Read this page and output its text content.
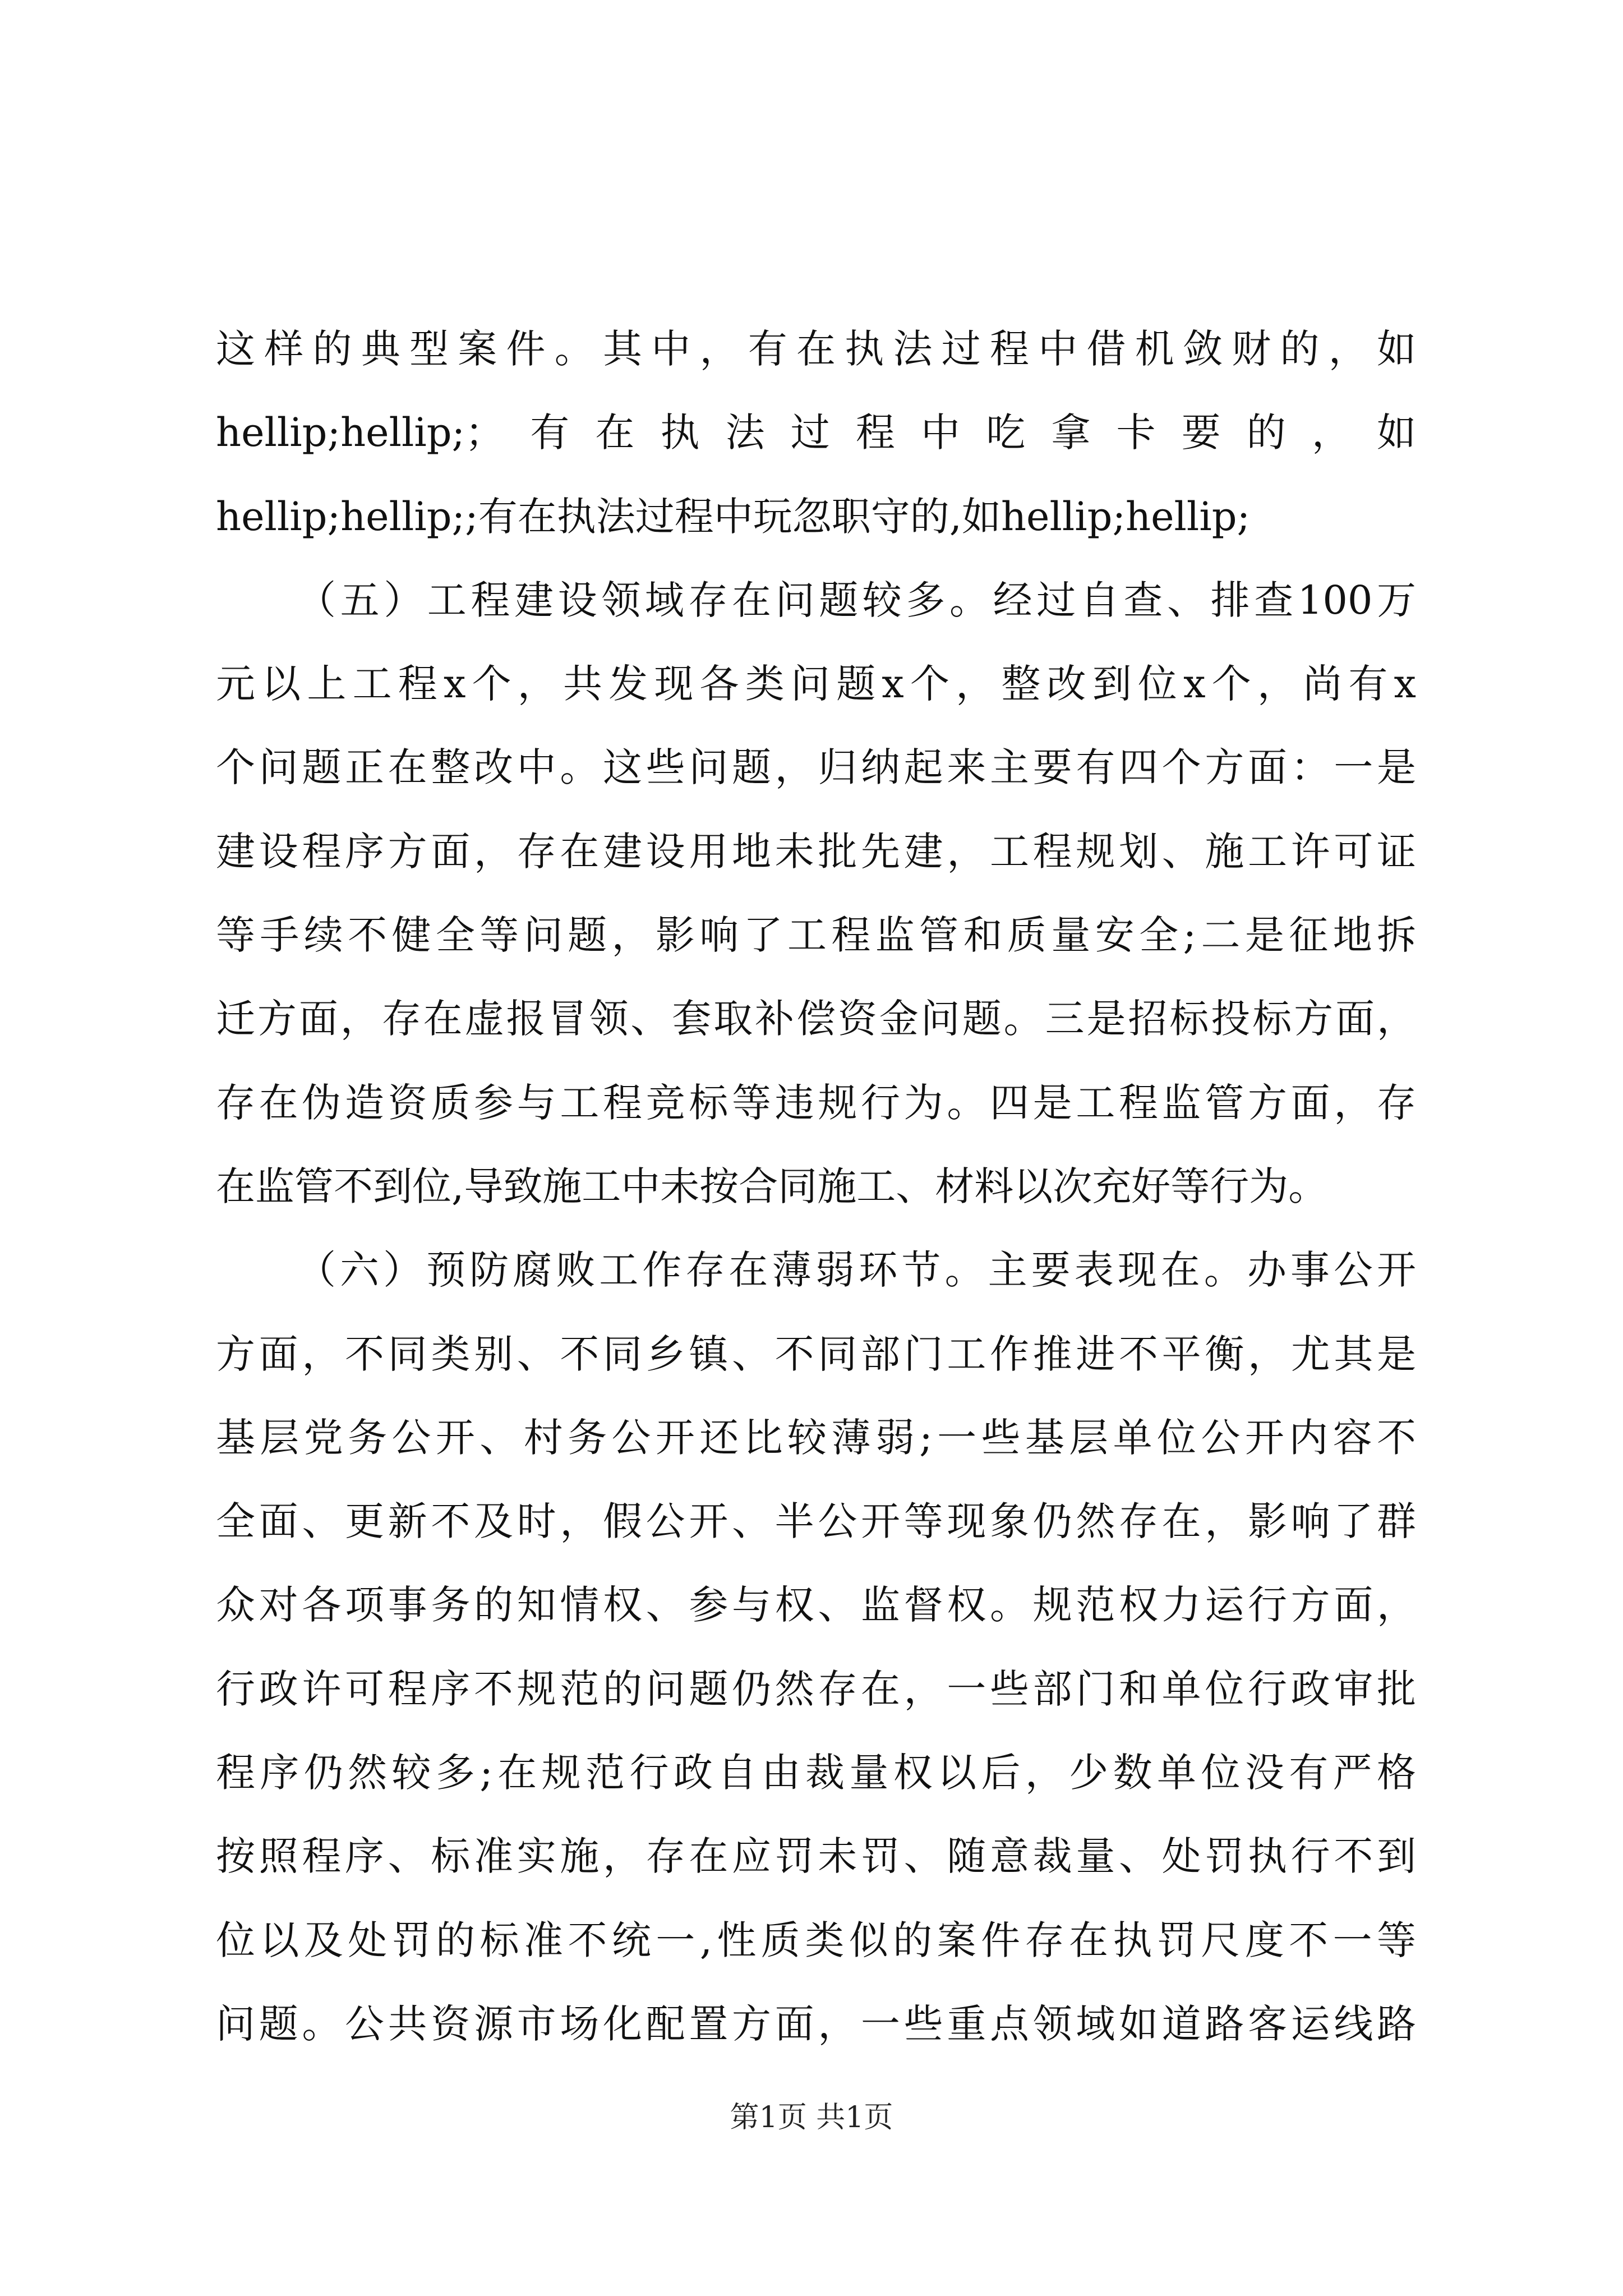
这样的典型案件。其中，有在执法过程中借机敛财的，如
hellip;hellip;；有在执法过程中吃拿卡要的，如
hellip;hellip;;有在执法过程中玩忽职守的,如hellip;hellip;
（五）工程建设领域存在问题较多。经过自查、排查100万
元以上工程x个，共发现各类问题x个，整改到位x个，尚有x
个问题正在整改中。这些问题，归纳起来主要有四个方面：一是
建设程序方面，存在建设用地未批先建，工程规划、施工许可证
等手续不健全等问题，影响了工程监管和质量安全;二是征地拆
迁方面，存在虚报冒领、套取补偿资金问题。三是招标投标方面，
存在伪造资质参与工程竞标等违规行为。四是工程监管方面，存
在监管不到位,导致施工中未按合同施工、材料以次充好等行为。
（六）预防腐败工作存在薄弱环节。主要表现在。办事公开
方面，不同类别、不同乡镇、不同部门工作推进不平衡，尤其是
基层党务公开、村务公开还比较薄弱;一些基层单位公开内容不
全面、更新不及时，假公开、半公开等现象仍然存在，影响了群
众对各项事务的知情权、参与权、监督权。规范权力运行方面，
行政许可程序不规范的问题仍然存在，一些部门和单位行政审批
程序仍然较多;在规范行政自由裁量权以后，少数单位没有严格
按照程序、标准实施，存在应罚未罚、随意裁量、处罚执行不到
位以及处罚的标准不统一,性质类似的案件存在执罚尺度不一等
问题。公共资源市场化配置方面，一些重点领域如道路客运线路
第1页 共1页
